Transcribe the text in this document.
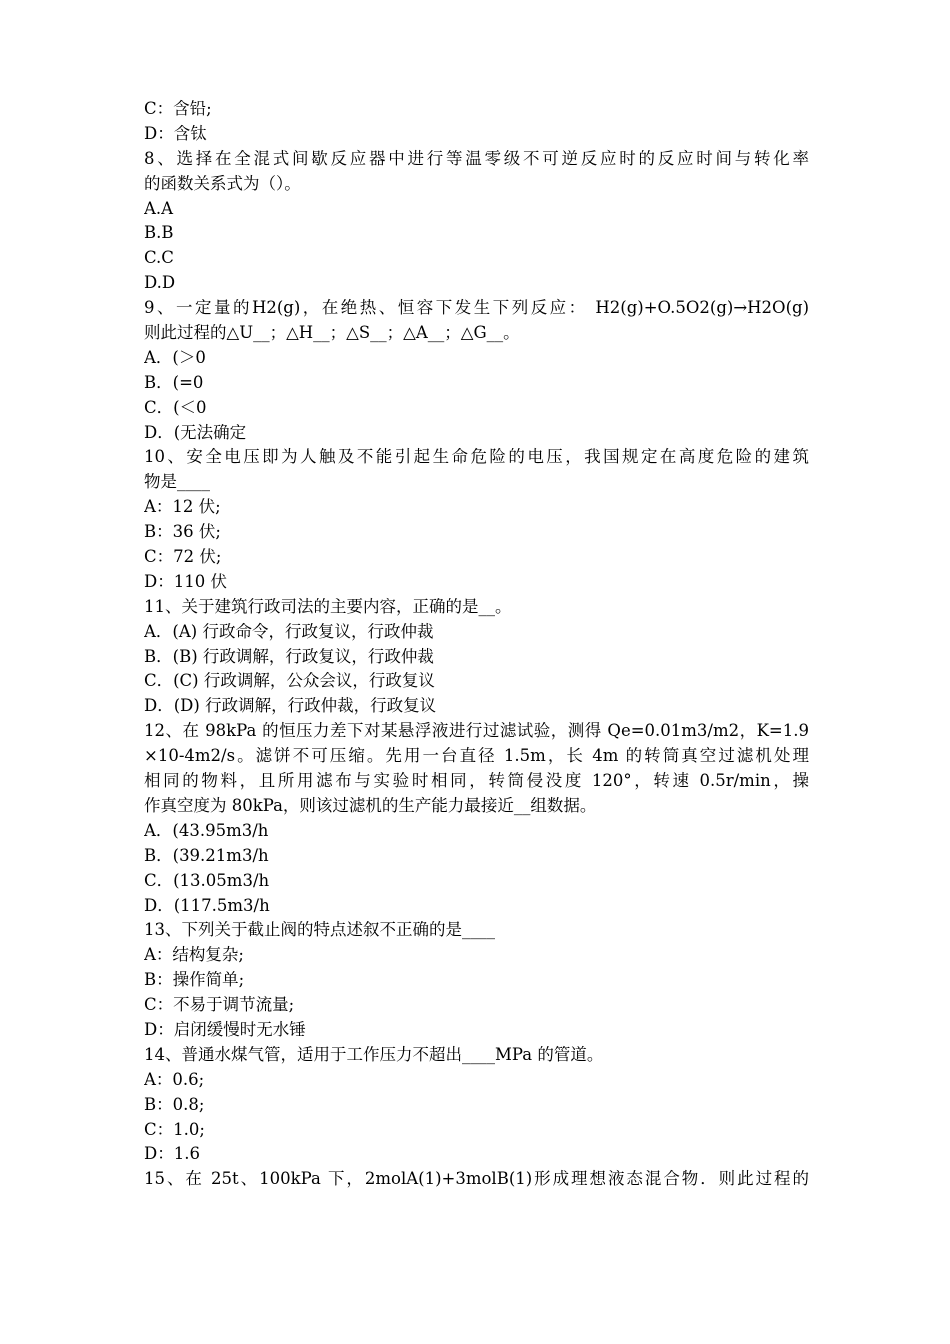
C：含铅;
D：含钛
8、选择在全混式间歇反应器中进行等温零级不可逆反应时的反应时间与转化率
的函数关系式为（）。
A.A
B.B
C.C
D.D
9、一定量的H2(g)，在绝热、恒容下发生下列反应： H2(g)+O.5O2(g)→H2O(g)
则此过程的△U__；△H__；△S__；△A__；△G__。
A．(＞0
B．(=0
C．(＜0
D．(无法确定
10、安全电压即为人触及不能引起生命危险的电压，我国规定在高度危险的建筑
物是____
A：12 伏;
B：36 伏;
C：72 伏;
D：110 伏
11、关于建筑行政司法的主要内容，正确的是__。
A．(A) 行政命令，行政复议，行政仲裁
B．(B) 行政调解，行政复议，行政仲裁
C．(C) 行政调解，公众会议，行政复议
D．(D) 行政调解，行政仲裁，行政复议
12、在 98kPa 的恒压力差下对某悬浮液进行过滤试验，测得 Qe=0.01m3/m2，K=1.9
×10-4m2/s。滤饼不可压缩。先用一台直径 1.5m，长 4m 的转筒真空过滤机处理
相同的物料，且所用滤布与实验时相同，转筒侵没度 120°，转速 0.5r/min，操
作真空度为 80kPa，则该过滤机的生产能力最接近__组数据。
A．(43.95m3/h
B．(39.21m3/h
C．(13.05m3/h
D．(117.5m3/h
13、下列关于截止阀的特点述叙不正确的是____
A：结构复杂;
B：操作简单;
C：不易于调节流量;
D：启闭缓慢时无水锤
14、普通水煤气管，适用于工作压力不超出____MPa 的管道。
A：0.6;
B：0.8;
C：1.0;
D：1.6
15、在 25t、100kPa 下，2molA(1)+3molB(1)形成理想液态混合物．则此过程的
